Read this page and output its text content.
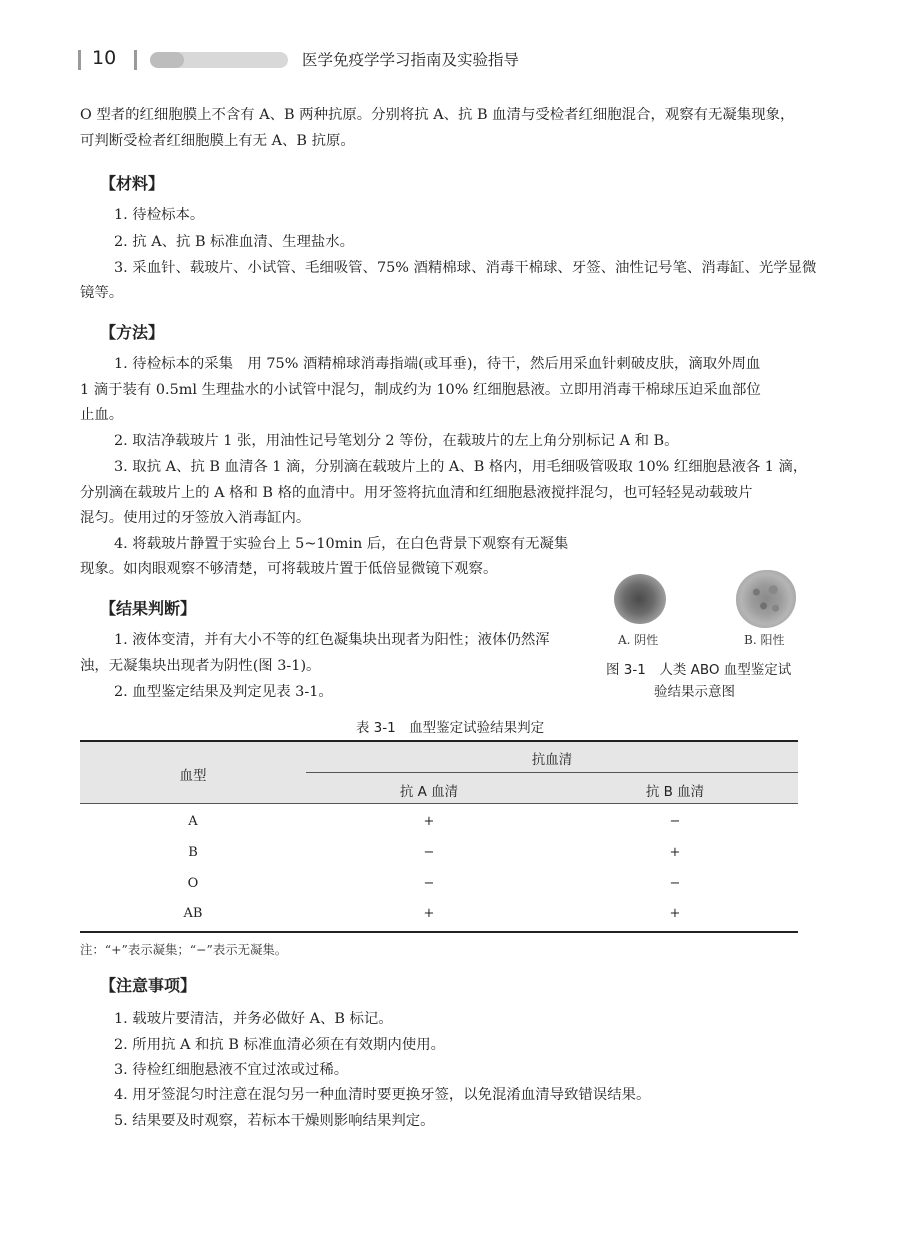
10	医学免疫学学习指南及实验指导
O 型者的红细胞膜上不含有 A、B 两种抗原。分别将抗 A、抗 B 血清与受检者红细胞混合，观察有无凝集现象，
可判断受检者红细胞膜上有无 A、B 抗原。
【材料】
1. 待检标本。
2. 抗 A、抗 B 标准血清、生理盐水。
3. 采血针、载玻片、小试管、毛细吸管、75% 酒精棉球、消毒干棉球、牙签、油性记号笔、消毒缸、光学显微
镜等。
【方法】
1. 待检标本的采集　用 75% 酒精棉球消毒指端(或耳垂)，待干，然后用采血针刺破皮肤，滴取外周血
1 滴于装有 0.5ml 生理盐水的小试管中混匀，制成约为 10% 红细胞悬液。立即用消毒干棉球压迫采血部位
止血。
2. 取洁净载玻片 1 张，用油性记号笔划分 2 等份，在载玻片的左上角分别标记 A 和 B。
3. 取抗 A、抗 B 血清各 1 滴，分别滴在载玻片上的 A、B 格内，用毛细吸管吸取 10% 红细胞悬液各 1 滴，
分别滴在载玻片上的 A 格和 B 格的血清中。用牙签将抗血清和红细胞悬液搅拌混匀，也可轻轻晃动载玻片
混匀。使用过的牙签放入消毒缸内。
4. 将载玻片静置于实验台上 5~10min 后，在白色背景下观察有无凝集
现象。如肉眼观察不够清楚，可将载玻片置于低倍显微镜下观察。
【结果判断】
1. 液体变清，并有大小不等的红色凝集块出现者为阳性；液体仍然浑
浊，无凝集块出现者为阴性(图 3-1)。
2. 血型鉴定结果及判定见表 3-1。
A. 阴性	B. 阳性
图 3-1　人类 ABO 血型鉴定试
验结果示意图
表 3-1　血型鉴定试验结果判定
血型
抗血清
抗 A 血清	抗 B 血清
A	+	−
B	−	+
O	−	−
AB	+	+
注：“+”表示凝集；“−”表示无凝集。
【注意事项】
1. 载玻片要清洁，并务必做好 A、B 标记。
2. 所用抗 A 和抗 B 标准血清必须在有效期内使用。
3. 待检红细胞悬液不宜过浓或过稀。
4. 用牙签混匀时注意在混匀另一种血清时要更换牙签，以免混淆血清导致错误结果。
5. 结果要及时观察，若标本干燥则影响结果判定。
